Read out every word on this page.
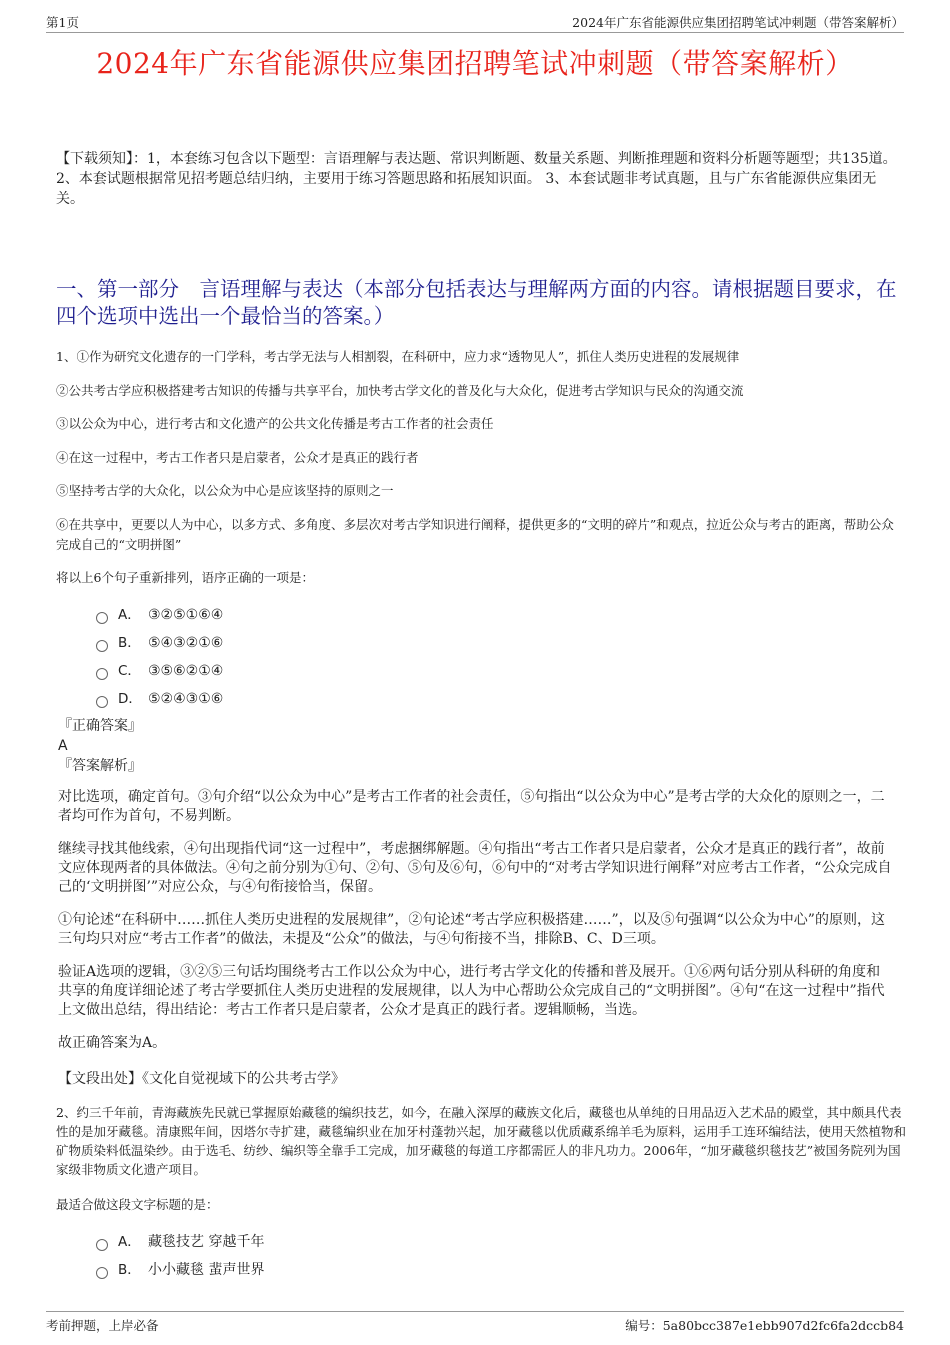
第1页	2024年广东省能源供应集团招聘笔试冲刺题（带答案解析）
2024年广东省能源供应集团招聘笔试冲刺题（带答案解析）
【下载须知】：1，本套练习包含以下题型：言语理解与表达题、常识判断题、数量关系题、判断推理题和资料分析题等题型；共135道。 2、本套试题根据常见招考题总结归纳，主要用于练习答题思路和拓展知识面。 3、本套试题非考试真题，且与广东省能源供应集团无关。
一、第一部分　言语理解与表达（本部分包括表达与理解两方面的内容。请根据题目要求，在四个选项中选出一个最恰当的答案。）

1、①作为研究文化遗存的一门学科，考古学无法与人相割裂，在科研中，应力求“透物见人”，抓住人类历史进程的发展规律

②公共考古学应积极搭建考古知识的传播与共享平台，加快考古学文化的普及化与大众化，促进考古学知识与民众的沟通交流

③以公众为中心，进行考古和文化遗产的公共文化传播是考古工作者的社会责任

④在这一过程中，考古工作者只是启蒙者，公众才是真正的践行者

⑤坚持考古学的大众化，以公众为中心是应该坚持的原则之一

⑥在共享中，更要以人为中心，以多方式、多角度、多层次对考古学知识进行阐释，提供更多的“文明的碎片”和观点，拉近公众与考古的距离，帮助公众完成自己的“文明拼图”

将以上6个句子重新排列，语序正确的一项是：

A． ③②⑤①⑥④
B． ⑤④③②①⑥
C． ③⑤⑥②①④
D． ⑤②④③①⑥
『正确答案』
A
『答案解析』

对比选项，确定首句。③句介绍“以公众为中心”是考古工作者的社会责任，⑤句指出“以公众为中心”是考古学的大众化的原则之一，二者均可作为首句，不易判断。

继续寻找其他线索，④句出现指代词“这一过程中”，考虑捆绑解题。④句指出“考古工作者只是启蒙者，公众才是真正的践行者”，故前文应体现两者的具体做法。④句之前分别为①句、②句、⑤句及⑥句，⑥句中的“对考古学知识进行阐释”对应考古工作者，“公众完成自己的‘文明拼图’”对应公众，与④句衔接恰当，保留。

①句论述“在科研中……抓住人类历史进程的发展规律”，②句论述“考古学应积极搭建……”，以及⑤句强调“以公众为中心”的原则，这三句均只对应“考古工作者”的做法，未提及“公众”的做法，与④句衔接不当，排除B、C、D三项。

验证A选项的逻辑，③②⑤三句话均围绕考古工作以公众为中心，进行考古学文化的传播和普及展开。①⑥两句话分别从科研的角度和共享的角度详细论述了考古学要抓住人类历史进程的发展规律，以人为中心帮助公众完成自己的“文明拼图”。④句“在这一过程中”指代上文做出总结，得出结论：考古工作者只是启蒙者，公众才是真正的践行者。逻辑顺畅，当选。

故正确答案为A。

【文段出处】《文化自觉视域下的公共考古学》

2、约三千年前，青海藏族先民就已掌握原始藏毯的编织技艺，如今，在融入深厚的藏族文化后，藏毯也从单纯的日用品迈入艺术品的殿堂，其中颇具代表性的是加牙藏毯。清康熙年间，因塔尔寺扩建，藏毯编织业在加牙村蓬勃兴起，加牙藏毯以优质藏系绵羊毛为原料，运用手工连环编结法，使用天然植物和矿物质染料低温染纱。由于选毛、纺纱、编织等全靠手工完成，加牙藏毯的每道工序都需匠人的非凡功力。2006年，“加牙藏毯织毯技艺”被国务院列为国家级非物质文化遗产项目。

最适合做这段文字标题的是：

A． 藏毯技艺 穿越千年
B． 小小藏毯 蜚声世界
考前押题，上岸必备	编号：5a80bcc387e1ebb907d2fc6fa2dccb84
